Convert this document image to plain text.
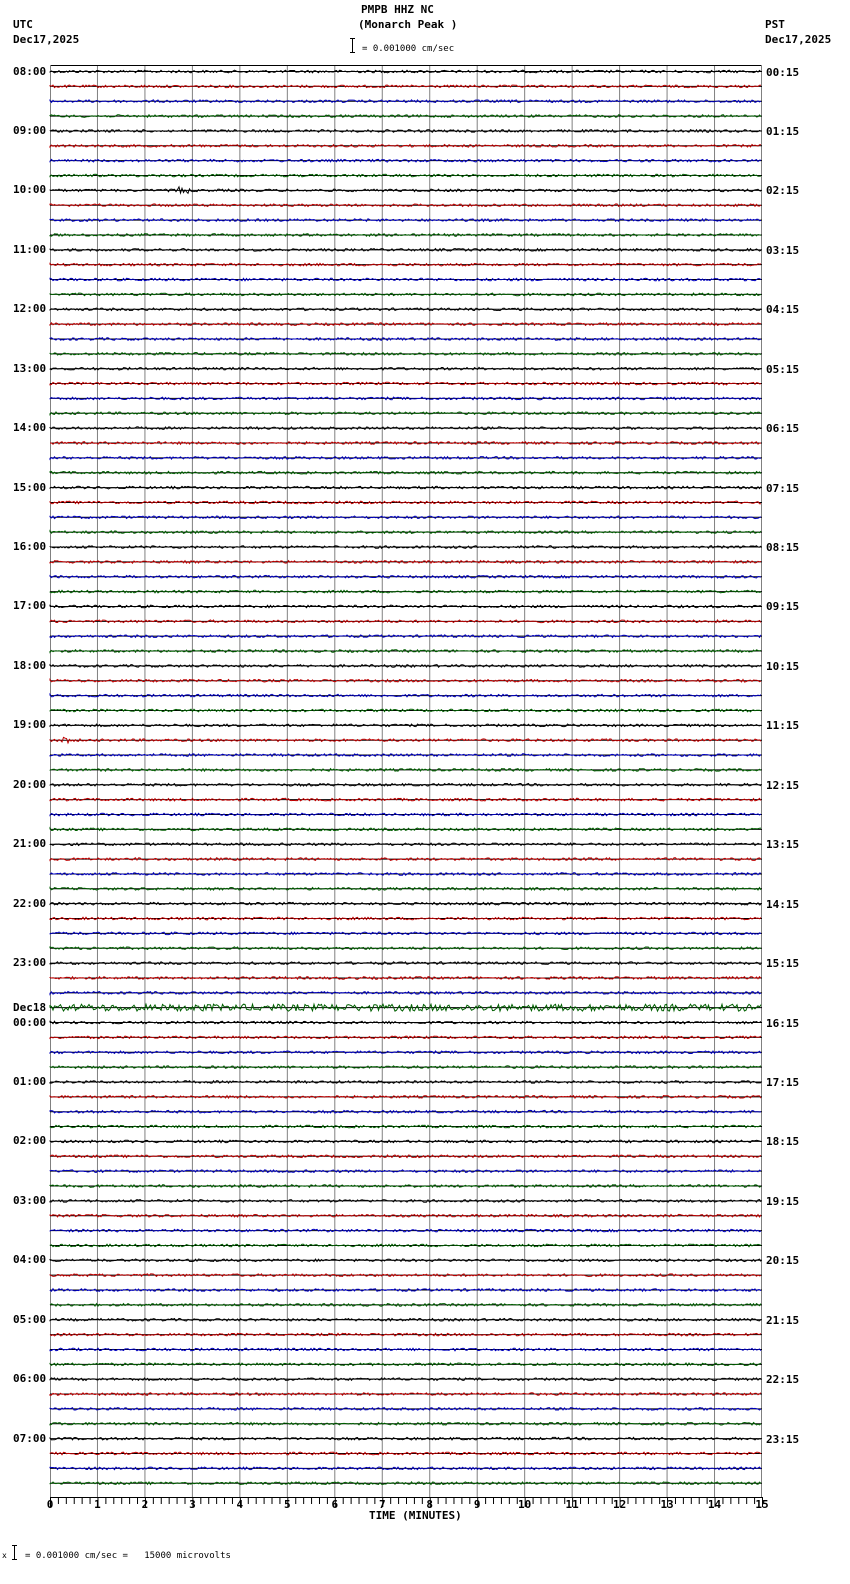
PMPB HHZ NC
(Monarch Peak )
= 0.001000 cm/sec
UTC
Dec17,2025
PST
Dec17,2025
08:00
09:00
10:00
11:00
12:00
13:00
14:00
15:00
16:00
17:00
18:00
19:00
20:00
21:00
22:00
23:00
Dec18
00:00
01:00
02:00
03:00
04:00
05:00
06:00
07:00
00:15
01:15
02:15
03:15
04:15
05:15
06:15
07:15
08:15
09:15
10:15
11:15
12:15
13:15
14:15
15:15
16:15
17:15
18:15
19:15
20:15
21:15
22:15
23:15
0	1	2	3	4	5	6	7	8	9	10	11	12	13	14	15
TIME (MINUTES)
x = 0.001000 cm/sec =   15000 microvolts
